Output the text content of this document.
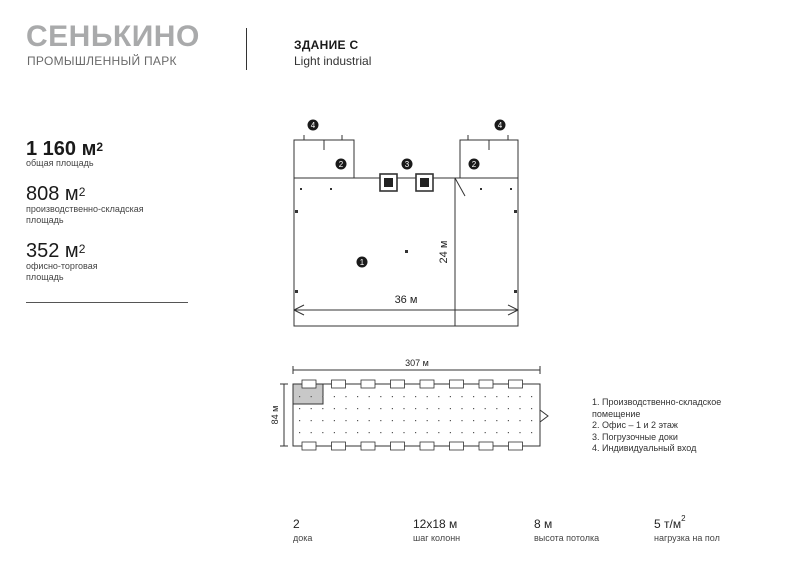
СЕНЬКИНО
ПРОМЫШЛЕННЫЙ ПАРК
ЗДАНИЕ С
Light industrial
1 160 $м^2$
общая площадь
808 $м^2$
производственно-складская площадь
352 $м^2$
офисно-торговая площадь
24 м
36 м
1
2	2
3
4	4
307 м
84 м
1. Производственно-складское
помещение
2. Офис – 1 и 2 этаж
3. Погрузочные доки
4. Индивидуальный вход
2
дока
12x18 м
шаг колонн
8 м
высота потолка
5 $т/м^2$
нагрузка на пол
